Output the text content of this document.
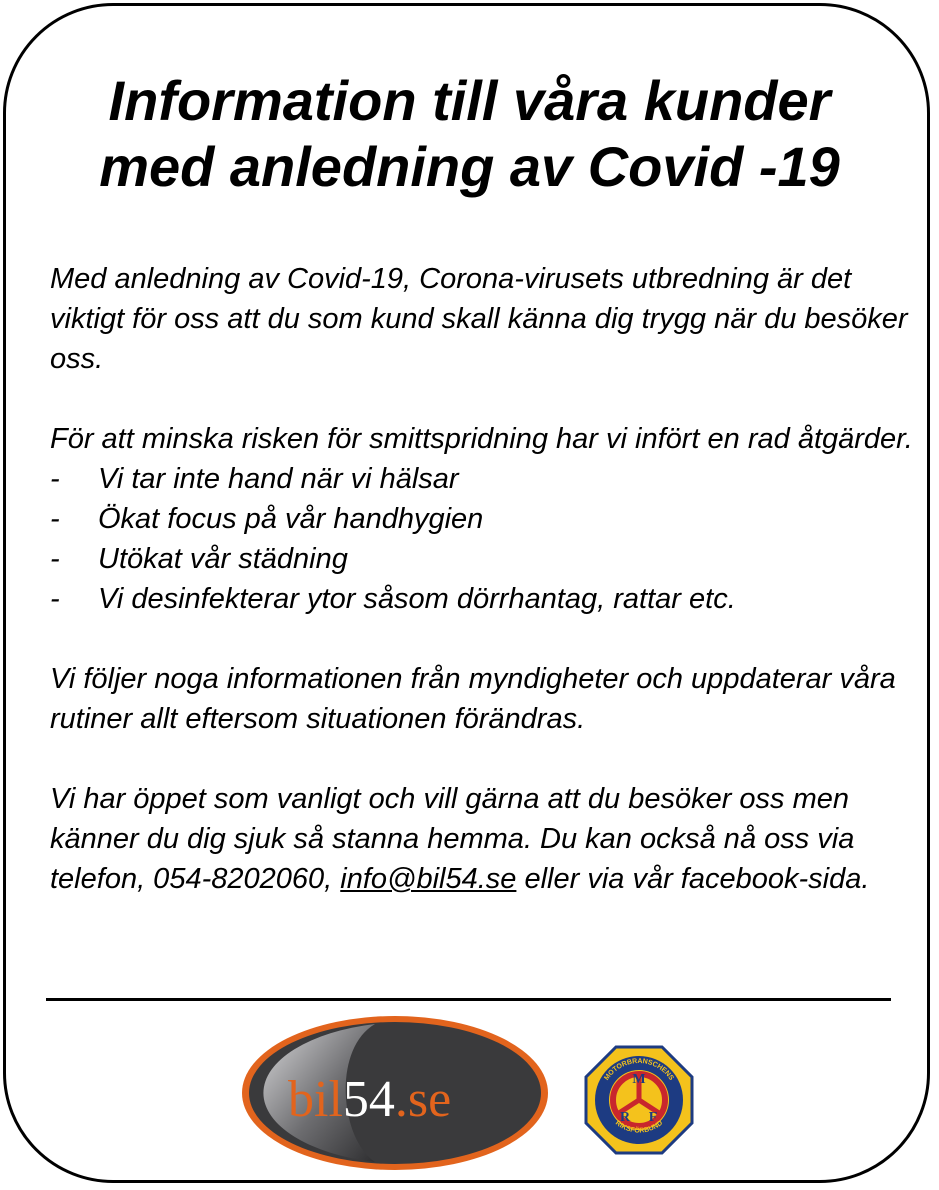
Information till våra kunder
med anledning av Covid -19

Med anledning av Covid-19, Corona-virusets utbredning är det viktigt för oss att du som kund skall känna dig trygg när du besöker oss.

För att minska risken för smittspridning har vi infört en rad åtgärder.

- Vi tar inte hand när vi hälsar
- Ökat focus på vår handhygien
- Utökat vår städning
- Vi desinfekterar ytor såsom dörrhantag, rattar etc.

Vi följer noga informationen från myndigheter och uppdaterar våra rutiner allt eftersom situationen förändras.

Vi har öppet som vanligt och vill gärna att du besöker oss men känner du dig sjuk så stanna hemma. Du kan också nå oss via telefon, 054-8202060, info@bil54.se eller via vår facebook-sida.

bil54.se	M
R F
MOTORBRANSCHENS
RIKSFÖRBUND
